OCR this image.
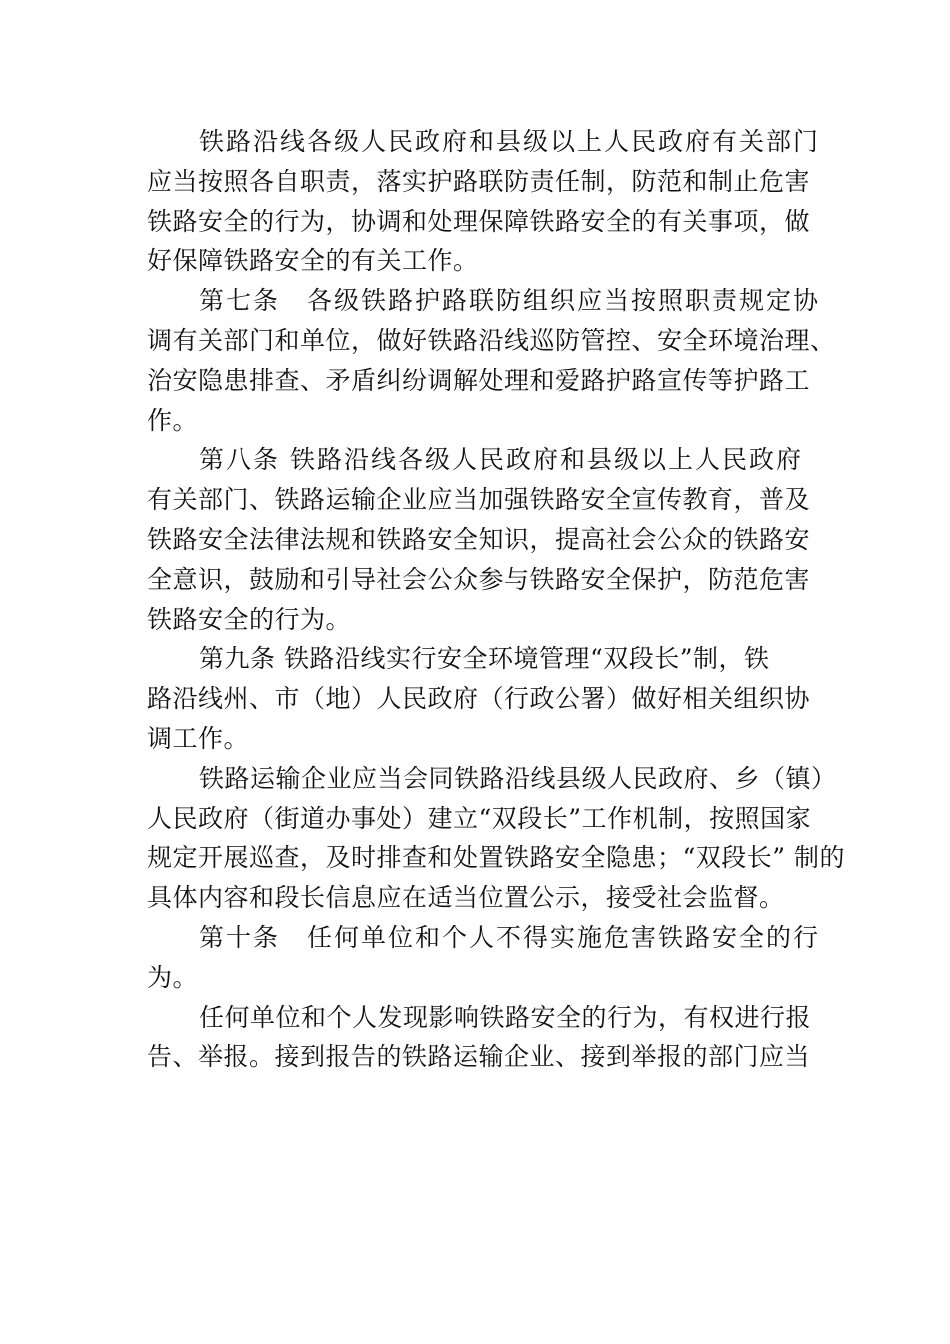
铁路沿线各级人民政府和县级以上人民政府有关部门
应当按照各自职责，落实护路联防责任制，防范和制止危害
铁路安全的行为，协调和处理保障铁路安全的有关事项，做
好保障铁路安全的有关工作。
第七条　各级铁路护路联防组织应当按照职责规定协
调有关部门和单位，做好铁路沿线巡防管控、安全环境治理、
治安隐患排查、矛盾纠纷调解处理和爱路护路宣传等护路工
作。
第八条 铁路沿线各级人民政府和县级以上人民政府
有关部门、铁路运输企业应当加强铁路安全宣传教育，普及
铁路安全法律法规和铁路安全知识，提高社会公众的铁路安
全意识，鼓励和引导社会公众参与铁路安全保护，防范危害
铁路安全的行为。
第九条 铁路沿线实行安全环境管理“双段长”制，铁
路沿线州、市（地）人民政府（行政公署）做好相关组织协
调工作。
铁路运输企业应当会同铁路沿线县级人民政府、乡（镇）
人民政府（街道办事处）建立“双段长”工作机制，按照国家
规定开展巡查，及时排查和处置铁路安全隐患；“双段长” 制的
具体内容和段长信息应在适当位置公示，接受社会监督。
第十条　任何单位和个人不得实施危害铁路安全的行
为。
任何单位和个人发现影响铁路安全的行为，有权进行报
告、举报。接到报告的铁路运输企业、接到举报的部门应当
